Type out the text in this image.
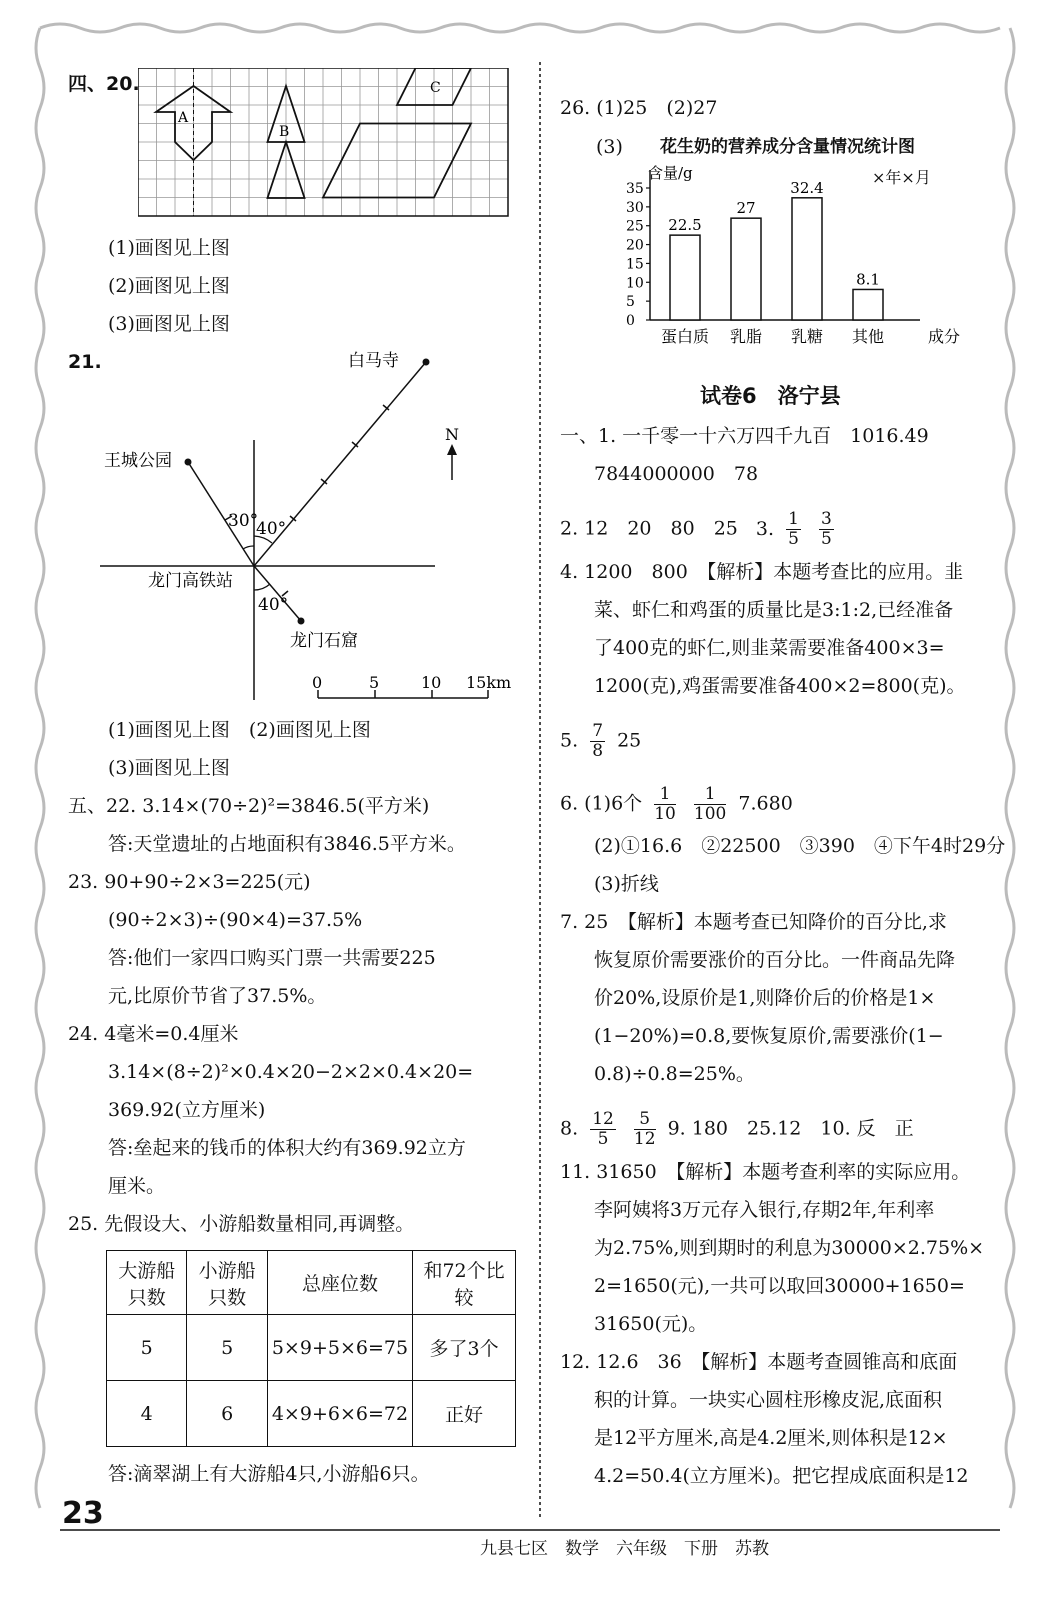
四、20.
A
B
C
(1)画图见上图
(2)画图见上图
(3)画图见上图
21.
N
白马寺
王城公园
龙门高铁站
龙门石窟
30°
40°
40°
0	5	10 15km
(1)画图见上图　(2)画图见上图
(3)画图见上图
五、22. 3.14×(70÷2)²=3846.5(平方米)
答:天堂遗址的占地面积有3846.5平方米。
23. 90+90÷2×3=225(元)
(90÷2×3)÷(90×4)=37.5%
答:他们一家四口购买门票一共需要225
元,比原价节省了37.5%。
24. 4毫米=0.4厘米
3.14×(8÷2)²×0.4×20−2×2×0.4×20=
369.92(立方厘米)
答:垒起来的钱币的体积大约有369.92立方
厘米。
25. 先假设大、小游船数量相同,再调整。
大游船只数	小游船只数	总座位数	和72个比较
5	5	5×9+5×6=75	多了3个
4	6	4×9+6×6=72	正好
答:滴翠湖上有大游船4只,小游船6只。
26. (1)25　(2)27
(3) 花生奶的营养成分含量情况统计图
×年×月
含量/g
成分
0
5
10
15
20
25
30
35
22.5
蛋白质
27
乳脂
32.4
乳糖
8.1
其他
试卷6　洛宁县
一、1. 一千零一十六万四千九百　1016.49
7844000000　78
2. 12　20　80　25 3. $\frac{1}{5}$
$\frac{3}{5}$
4. 1200　800　【解析】本题考查比的应用。韭
菜、虾仁和鸡蛋的质量比是3:1:2,已经准备
了400克的虾仁,则韭菜需要准备400×3=
1200(克),鸡蛋需要准备400×2=800(克)。
5. $\frac{7}{8} 25$
6. (1)6个 $\frac{1}{10}$
$\frac{1}{100} 7.680$
(2)①16.6　②22500　③390　④下午4时29分
(3)折线
7. 25　【解析】本题考查已知降价的百分比,求
恢复原价需要涨价的百分比。一件商品先降
价20%,设原价是1,则降价后的价格是1×
(1−20%)=0.8,要恢复原价,需要涨价(1−
0.8)÷0.8=25%。
8. $\frac{12}{5}$
$\frac{5}{12} 9$. 180　25.12　10. 反　正
11. 31650　【解析】本题考查利率的实际应用。
李阿姨将3万元存入银行,存期2年,年利率
为2.75%,则到期时的利息为30000×2.75%×
2=1650(元),一共可以取回30000+1650=
31650(元)。
12. 12.6　36　【解析】本题考查圆锥高和底面
积的计算。一块实心圆柱形橡皮泥,底面积
是12平方厘米,高是4.2厘米,则体积是12×
4.2=50.4(立方厘米)。把它捏成底面积是12
23
九县七区　数学　六年级　下册　苏教
